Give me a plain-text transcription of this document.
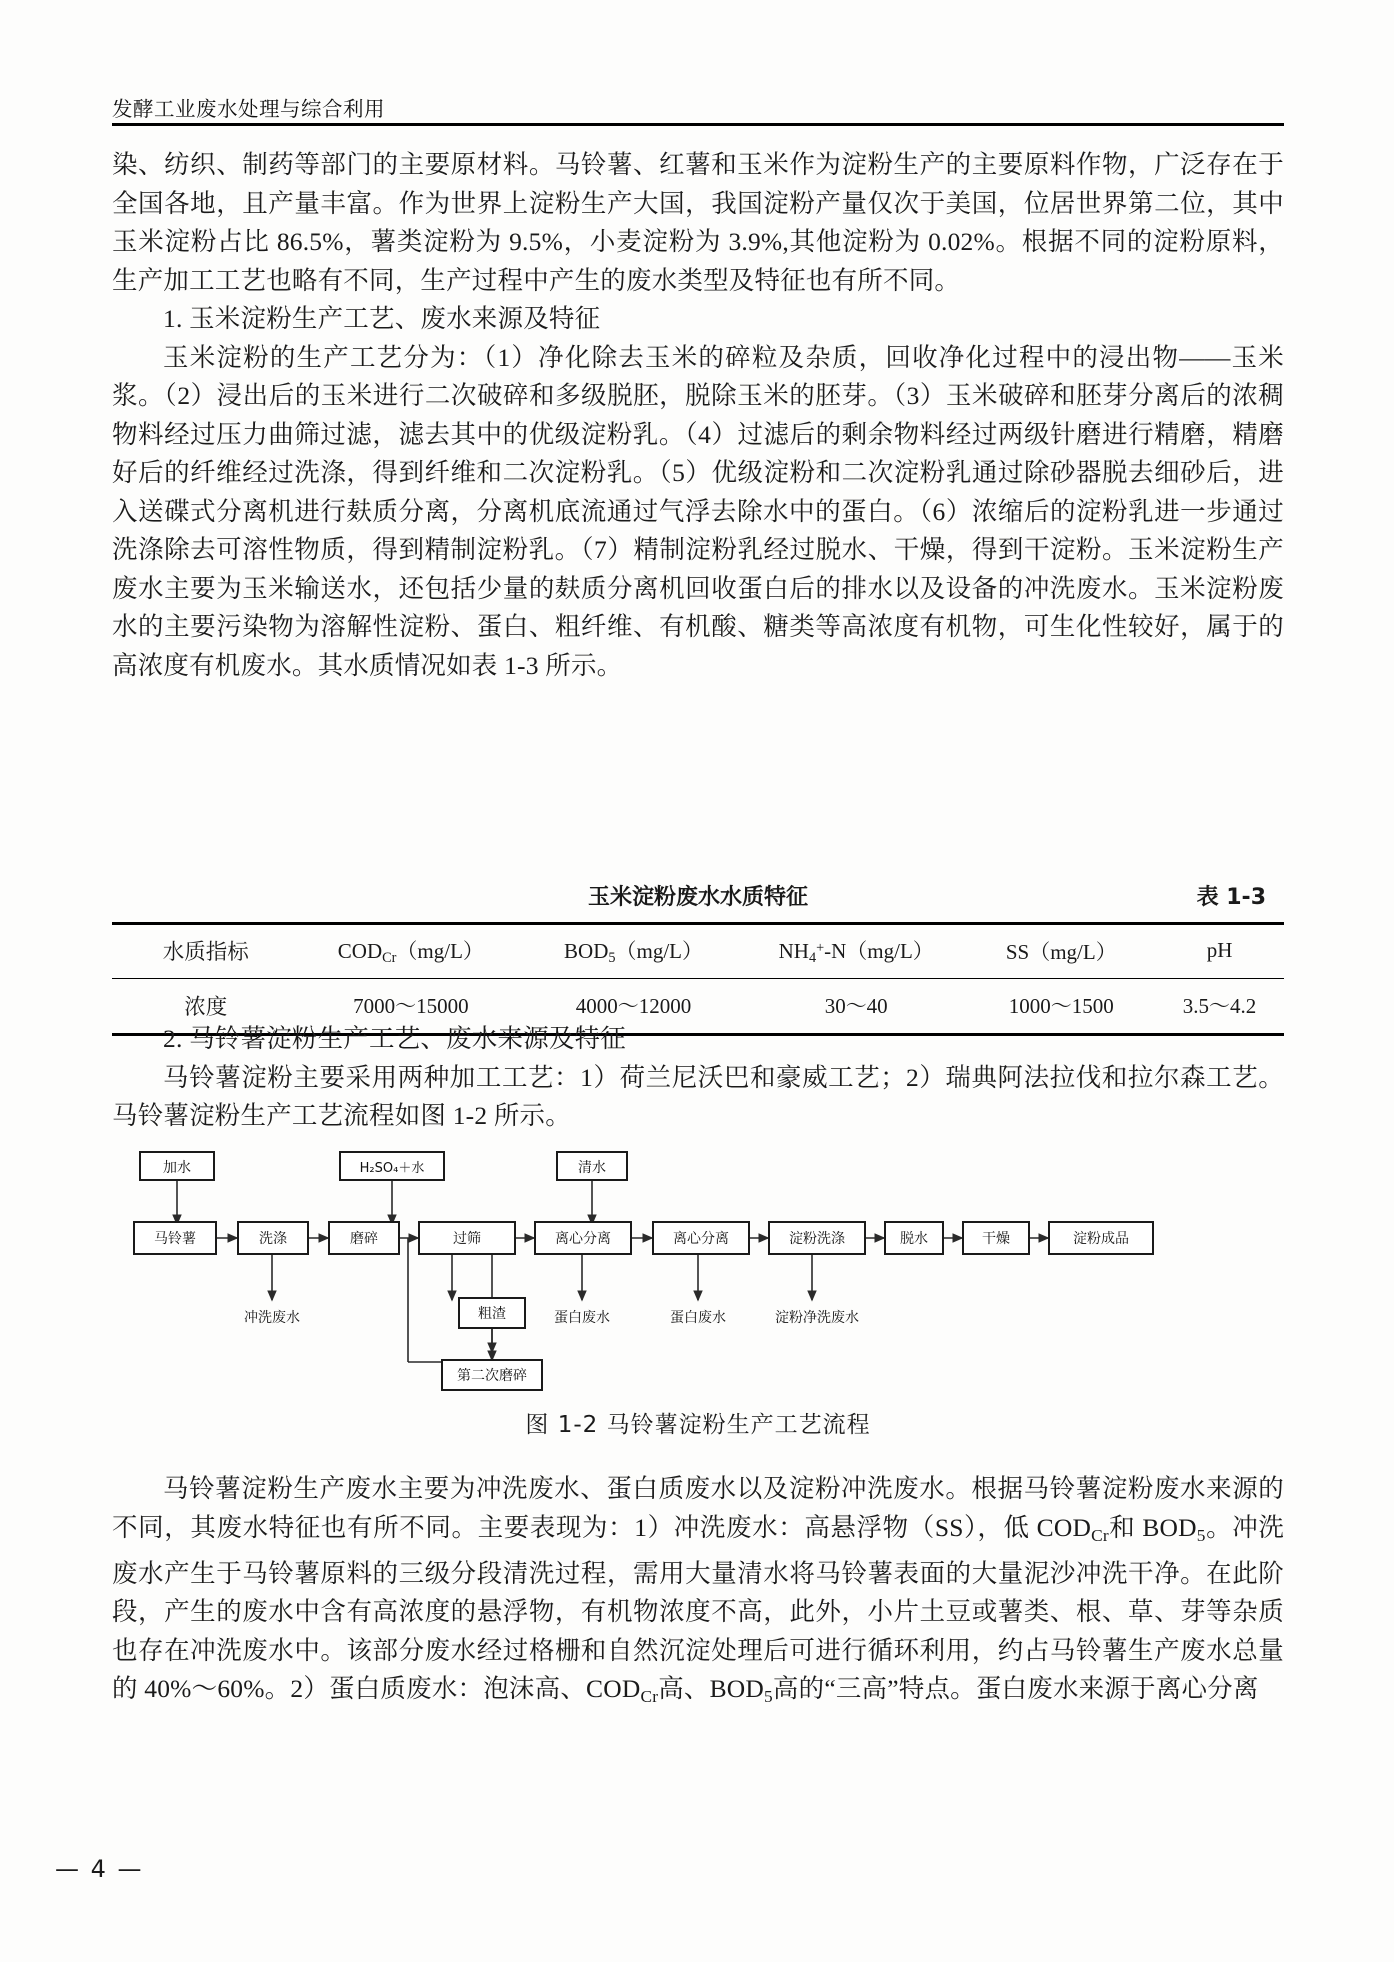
发酵工业废水处理与综合利用

染、纺织、制药等部门的主要原材料。马铃薯、红薯和玉米作为淀粉生产的主要原料作物，广泛存在于全国各地，且产量丰富。作为世界上淀粉生产大国，我国淀粉产量仅次于美国，位居世界第二位，其中玉米淀粉占比 86.5%，薯类淀粉为 9.5%，小麦淀粉为 3.9%,其他淀粉为 0.02%。根据不同的淀粉原料，生产加工工艺也略有不同，生产过程中产生的废水类型及特征也有所不同。

1. 玉米淀粉生产工艺、废水来源及特征

玉米淀粉的生产工艺分为：（1）净化除去玉米的碎粒及杂质，回收净化过程中的浸出物——玉米浆。（2）浸出后的玉米进行二次破碎和多级脱胚，脱除玉米的胚芽。（3）玉米破碎和胚芽分离后的浓稠物料经过压力曲筛过滤，滤去其中的优级淀粉乳。（4）过滤后的剩余物料经过两级针磨进行精磨，精磨好后的纤维经过洗涤，得到纤维和二次淀粉乳。（5）优级淀粉和二次淀粉乳通过除砂器脱去细砂后，进入送碟式分离机进行麸质分离，分离机底流通过气浮去除水中的蛋白。（6）浓缩后的淀粉乳进一步通过洗涤除去可溶性物质，得到精制淀粉乳。（7）精制淀粉乳经过脱水、干燥，得到干淀粉。玉米淀粉生产废水主要为玉米输送水，还包括少量的麸质分离机回收蛋白后的排水以及设备的冲洗废水。玉米淀粉废水的主要污染物为溶解性淀粉、蛋白、粗纤维、有机酸、糖类等高浓度有机物，可生化性较好，属于的高浓度有机废水。其水质情况如表 1-3 所示。

玉米淀粉废水水质特征	表 1-3
水质指标	$COD_{Cr}(mg/L)$	$BOD_5(mg/L)$	$NH_4^+-N(mg/L)$	SS（mg/L）	pH
浓度	7000～15000	4000～12000	30～40	1000～1500	3.5～4.2

2. 马铃薯淀粉生产工艺、废水来源及特征

马铃薯淀粉主要采用两种加工工艺：1）荷兰尼沃巴和豪威工艺；2）瑞典阿法拉伐和拉尔森工艺。马铃薯淀粉生产工艺流程如图 1-2 所示。

加水	H₂SO₄＋水	清水
马铃薯	洗涤	磨碎	过筛	离心分离	离心分离	淀粉洗涤	脱水	干燥	淀粉成品
冲洗废水	粗渣	蛋白废水	蛋白废水	淀粉净洗废水
第二次磨碎
图 1-2 马铃薯淀粉生产工艺流程

马铃薯淀粉生产废水主要为冲洗废水、蛋白质废水以及淀粉冲洗废水。根据马铃薯淀粉废水来源的不同，其废水特征也有所不同。主要表现为：1）冲洗废水：高悬浮物（SS），低 $COD_{Cr}$和 $BOD_5$。冲洗废水产生于马铃薯原料的三级分段清洗过程，需用大量清水将马铃薯表面的大量泥沙冲洗干净。在此阶段，产生的废水中含有高浓度的悬浮物，有机物浓度不高，此外，小片土豆或薯类、根、草、芽等杂质也存在冲洗废水中。该部分废水经过格栅和自然沉淀处理后可进行循环利用，约占马铃薯生产废水总量的 40%～60%。2）蛋白质废水：泡沫高、$COD_{Cr}$高、$BOD_5$高的“三高”特点。蛋白废水来源于离心分离

— 4 —
